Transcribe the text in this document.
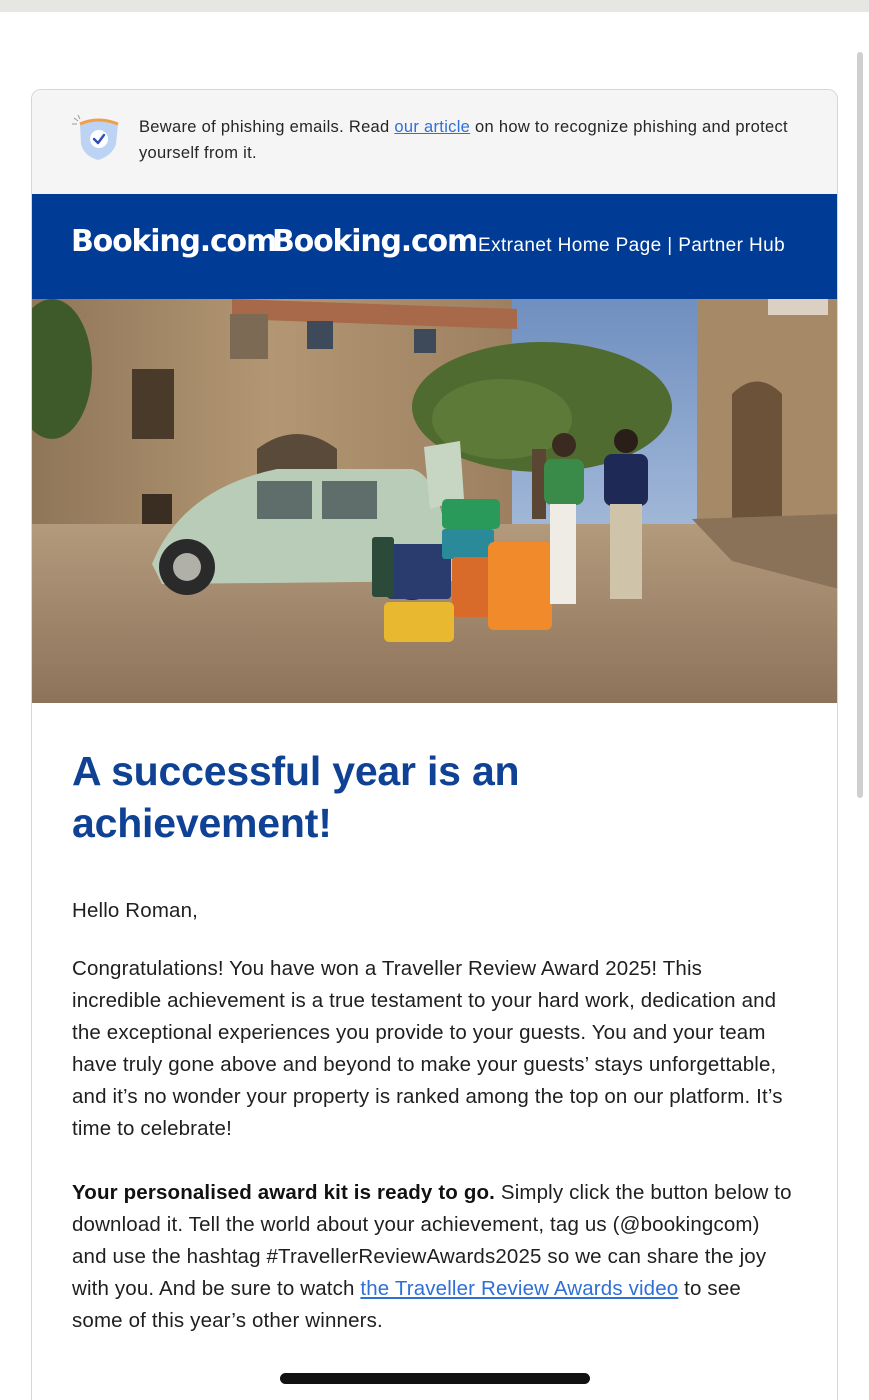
Beware of phishing emails. Read our article on how to recognize phishing and protect yourself from it.
Booking.com
Booking.com Extranet Home Page | Partner Hub
A successful year is an achievement!

Hello Roman,

Congratulations! You have won a Traveller Review Award 2025! This incredible achievement is a true testament to your hard work, dedication and the exceptional experiences you provide to your guests. You and your team have truly gone above and beyond to make your guests’ stays unforgettable, and it’s no wonder your property is ranked among the top on our platform. It’s time to celebrate!

Your personalised award kit is ready to go. Simply click the button below to download it. Tell the world about your achievement, tag us (@bookingcom) and use the hashtag #TravellerReviewAwards2025 so we can share the joy with you. And be sure to watch the Traveller Review Awards video to see some of this year’s other winners.
